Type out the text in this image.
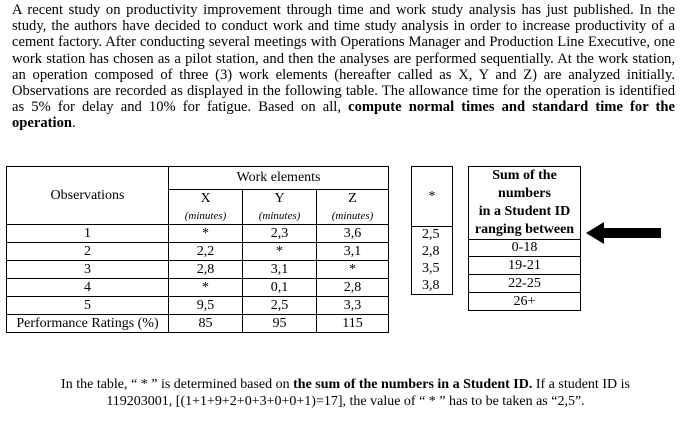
A recent study on productivity improvement through time and work study analysis has just published. In the study, the authors have decided to conduct work and time study analysis in order to increase productivity of a cement factory. After conducting several meetings with Operations Manager and Production Line Executive, one work station has chosen as a pilot station, and then the analyses are performed sequentially. At the work station, an operation composed of three (3) work elements (hereafter called as X, Y and Z) are analyzed initially. Observations are recorded as displayed in the following table. The allowance time for the operation is identified as 5% for delay and 10% for fatigue. Based on all, compute normal times and standard time for the operation.

Observations	Work elements		
	X	Y	Z
	(minutes)	(minutes)	(minutes)
1	*	2,3	3,6
2	2,2	*	3,1
3	2,8	3,1	*
4	*	0,1	2,8
5	9,5	2,5	3,3
Performance Ratings (%)	85	95	115
*
2,5
2,8
3,5
3,8
Sum of the numbers
in a Student ID
ranging between

0-18
19-21
22-25
26+

In the table, “ * ” is determined based on the sum of the numbers in a Student ID. If a student ID is
119203001, [(1+1+9+2+0+3+0+0+1)=17], the value of “ * ” has to be taken as “2,5”.
